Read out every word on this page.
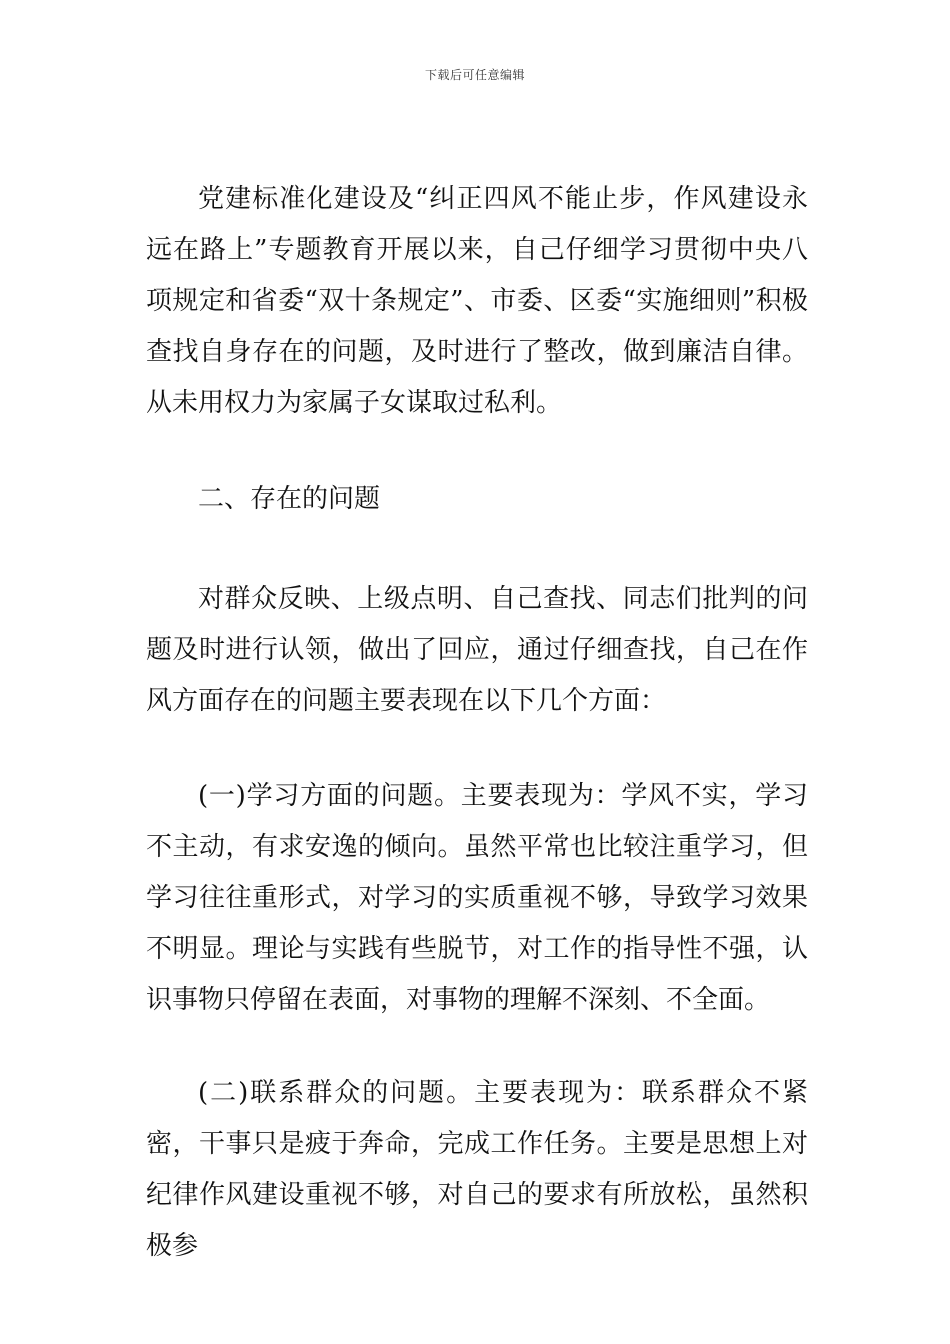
下载后可任意编辑

党建标准化建设及“纠正四风不能止步，作风建设永远在路上”专题教育开展以来，自己仔细学习贯彻中央八项规定和省委“双十条规定”、市委、区委“实施细则”积极查找自身存在的问题，及时进行了整改，做到廉洁自律。从未用权力为家属子女谋取过私利。

二、存在的问题

对群众反映、上级点明、自己查找、同志们批判的问题及时进行认领，做出了回应，通过仔细查找，自己在作风方面存在的问题主要表现在以下几个方面：

(一)学习方面的问题。主要表现为：学风不实，学习不主动，有求安逸的倾向。虽然平常也比较注重学习，但学习往往重形式，对学习的实质重视不够，导致学习效果不明显。理论与实践有些脱节，对工作的指导性不强，认识事物只停留在表面，对事物的理解不深刻、不全面。

(二)联系群众的问题。主要表现为：联系群众不紧密，干事只是疲于奔命，完成工作任务。主要是思想上对纪律作风建设重视不够，对自己的要求有所放松，虽然积极参
